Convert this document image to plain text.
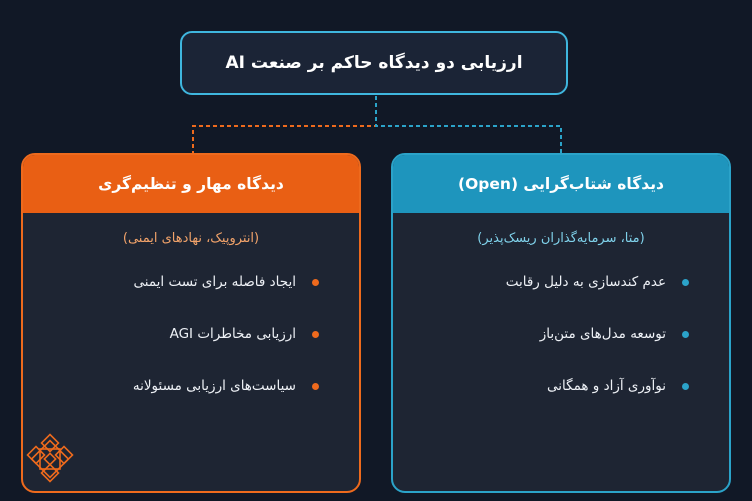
ارزیابی دو دیدگاه حاکم بر صنعت AI
دیدگاه مهار و تنظیم‌گری
(انتروپیک، نهادهای ایمنی)
ایجاد فاصله برای تست ایمنی
ارزیابی مخاطرات AGI
سیاست‌های ارزیابی مسئولانه
دیدگاه شتاب‌گرایی (Open)
(متا، سرمایه‌گذاران ریسک‌پذیر)
عدم کندسازی به دلیل رقابت
توسعه مدل‌های متن‌باز
نوآوری آزاد و همگانی
